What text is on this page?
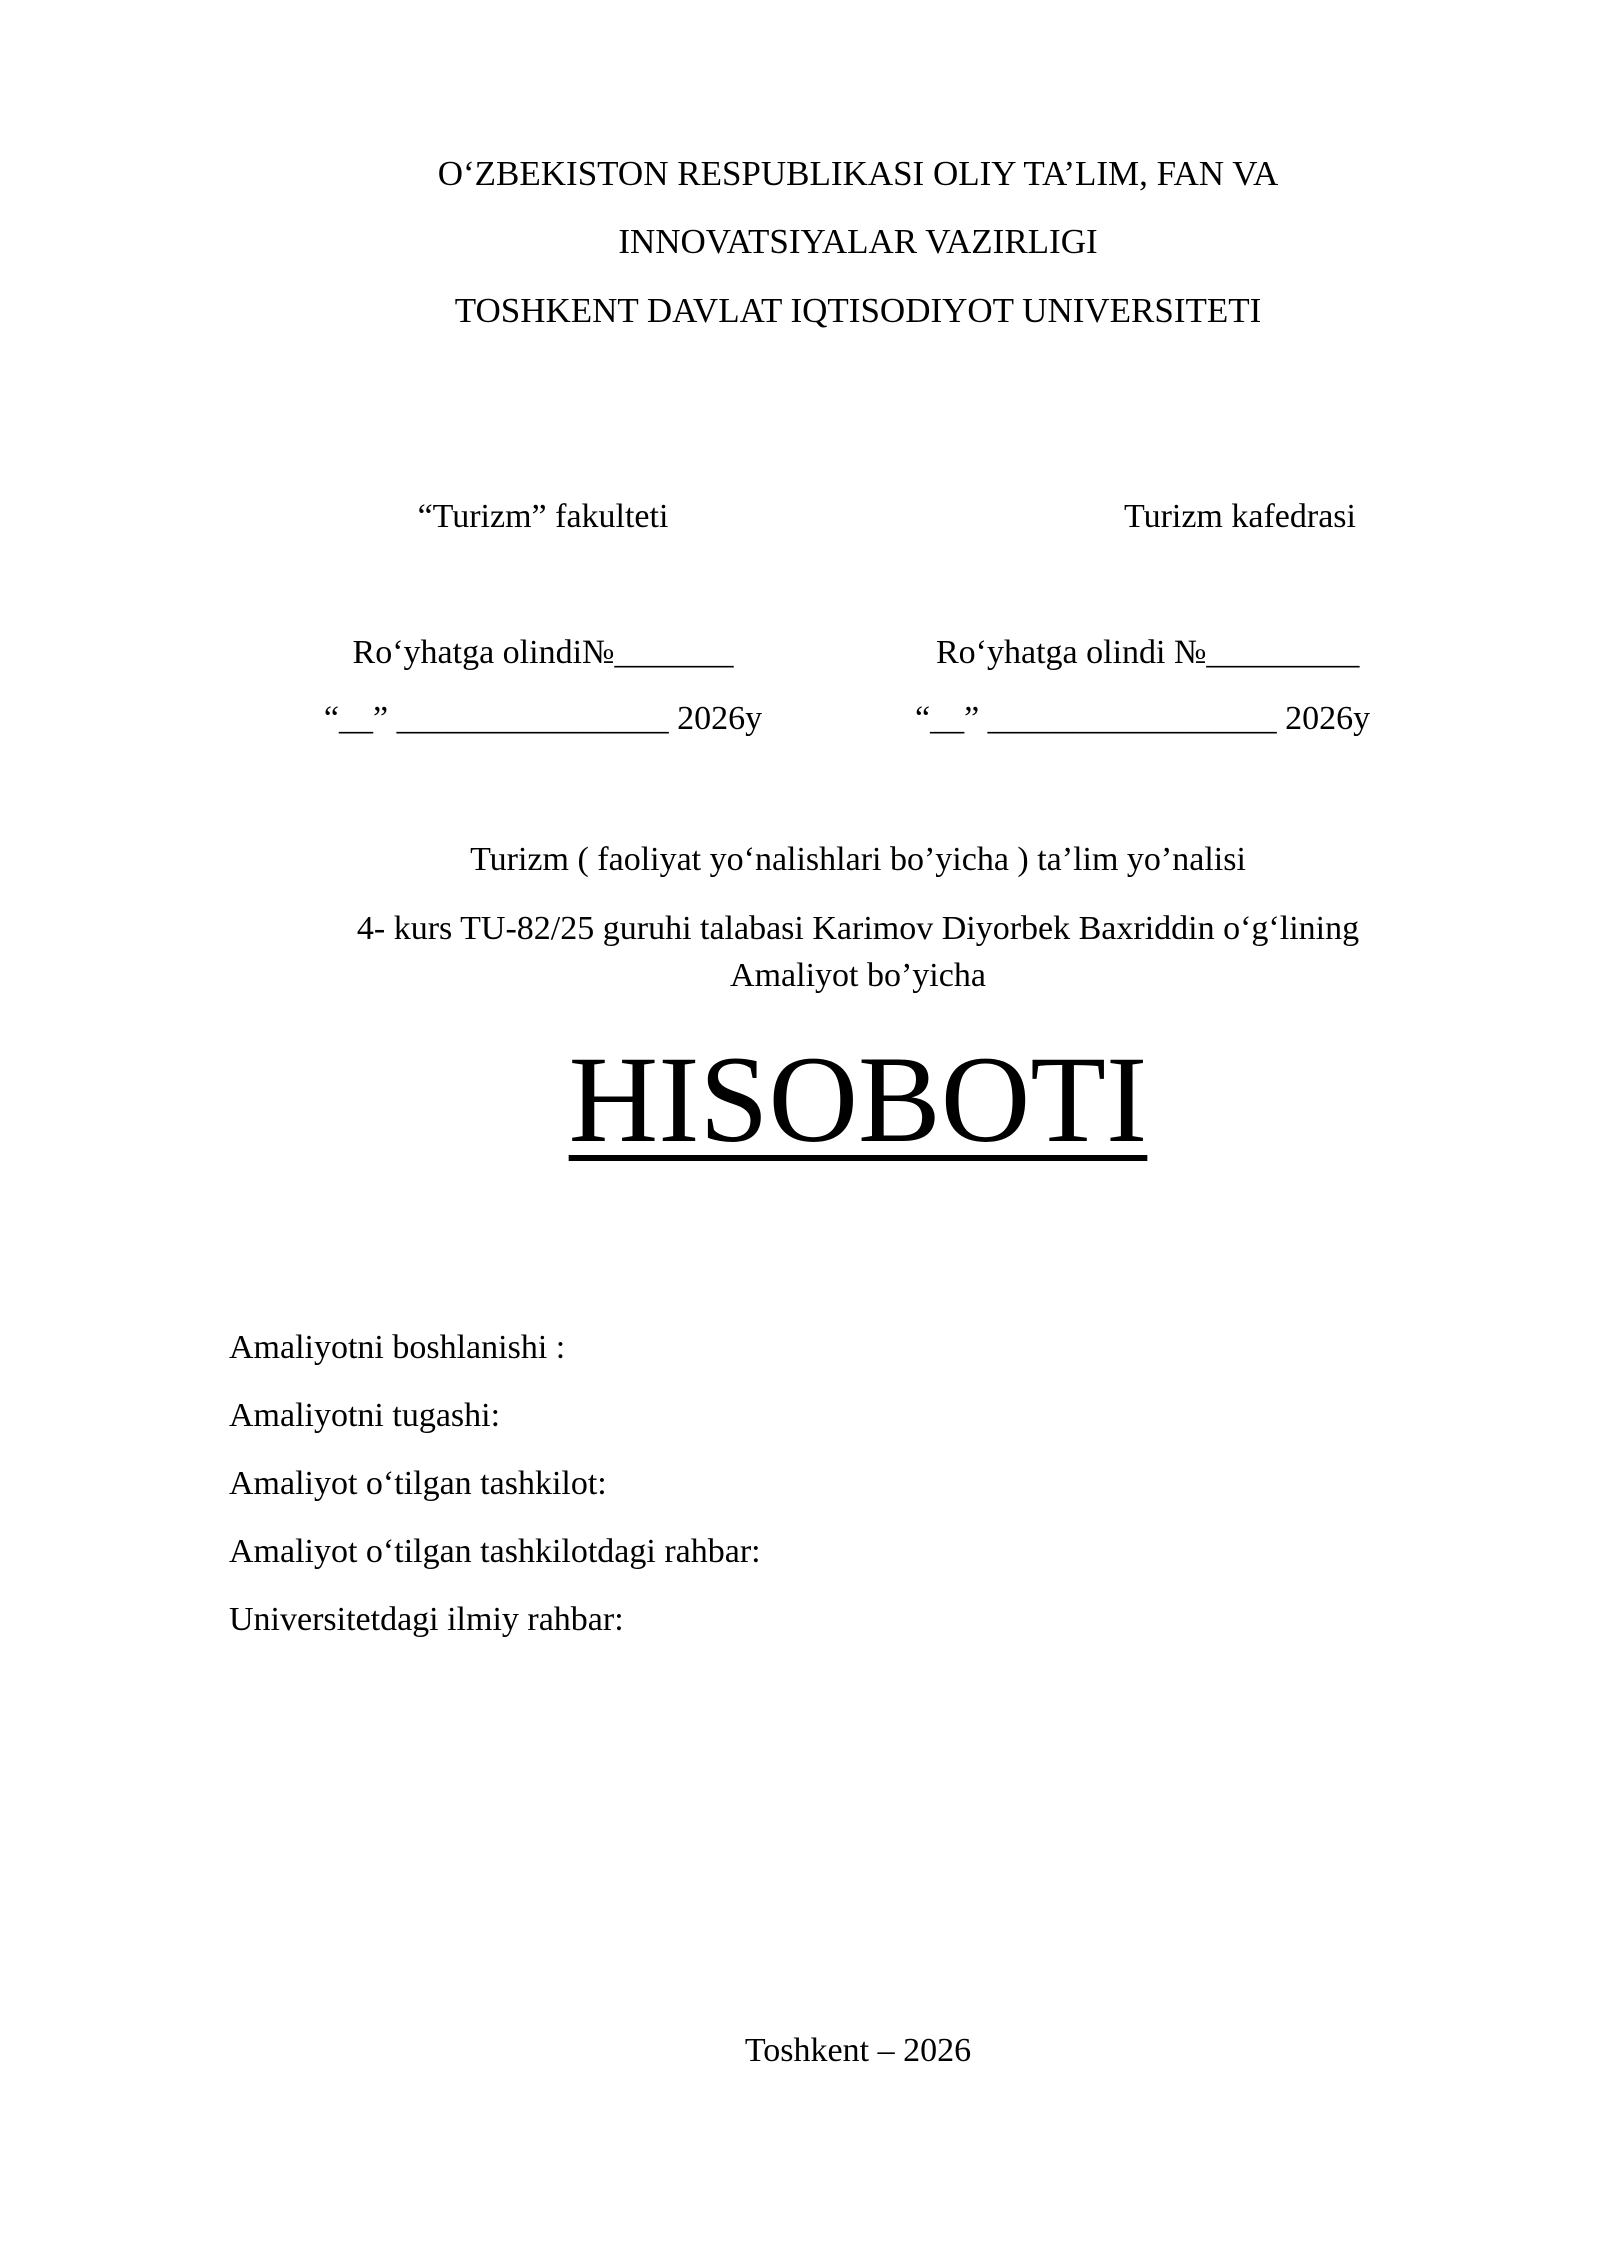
O‘ZBEKISTON RESPUBLIKASI OLIY TA’LIM, FAN VA
INNOVATSIYALAR VAZIRLIGI
TOSHKENT DAVLAT IQTISODIYOT UNIVERSITETI
“Turizm” fakulteti	Turizm kafedrasi
Ro‘yhatga olindi№_______
“__” ________________ 2026y
Ro‘yhatga olindi №_________
“__” _________________ 2026y
Turizm ( faoliyat yo‘nalishlari bo’yicha ) ta’lim yo’nalisi
4- kurs TU-82/25 guruhi talabasi Karimov Diyorbek Baxriddin o‘g‘lining
Amaliyot bo’yicha
HISOBOTI
Amaliyotni boshlanishi :
Amaliyotni tugashi:
Amaliyot o‘tilgan tashkilot:
Amaliyot o‘tilgan tashkilotdagi rahbar:
Universitetdagi ilmiy rahbar:
Toshkent – 2026
